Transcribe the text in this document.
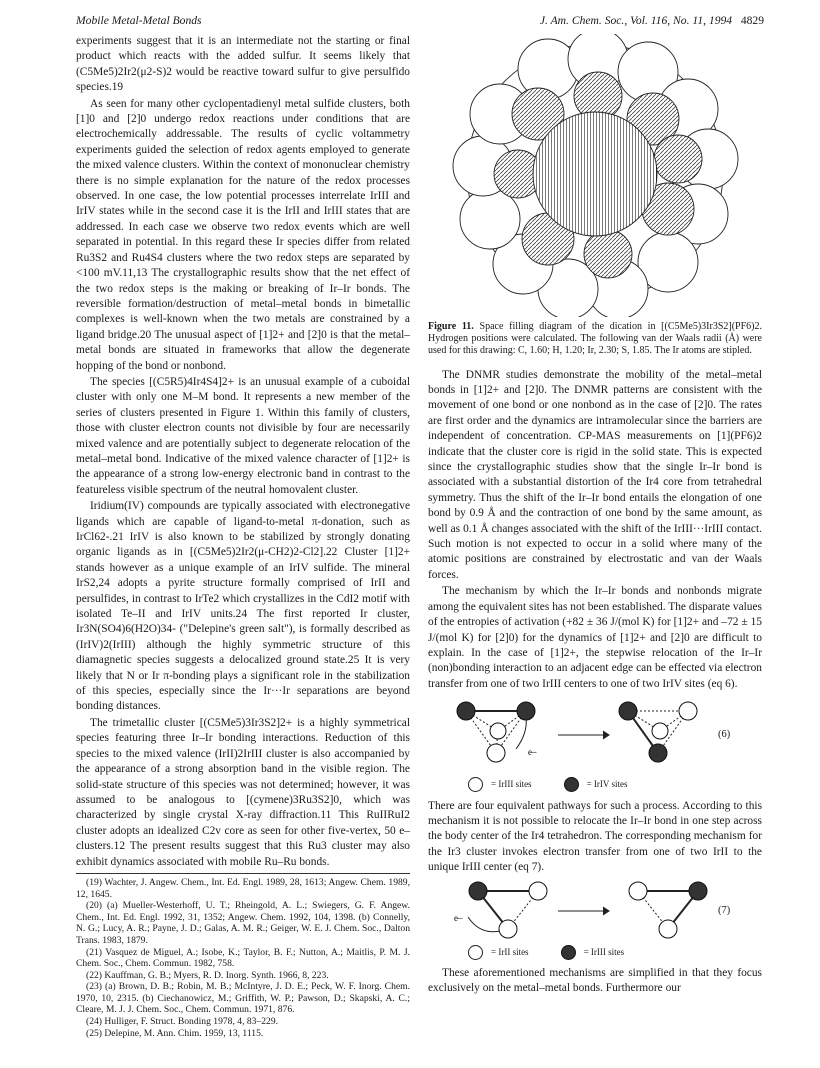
Mobile Metal-Metal Bonds	J. Am. Chem. Soc., Vol. 116, No. 11, 1994 4829

experiments suggest that it is an intermediate not the starting or final product which reacts with the added sulfur. It seems likely that (C5Me5)2Ir2(μ2-S)2 would be reactive toward sulfur to give persulfido species.19

As seen for many other cyclopentadienyl metal sulfide clusters, both [1]0 and [2]0 undergo redox reactions under conditions that are electrochemically addressable. The results of cyclic voltammetry experiments guided the selection of redox agents employed to generate the mixed valence clusters. Within the context of mononuclear chemistry there is no simple explanation for the nature of the redox processes observed. In one case, the low potential processes interrelate IrIII and IrIV states while in the second case it is the IrII and IrIII states that are addressed. In each case we observe two redox events which are well separated in potential. In this regard these Ir species differ from related Ru3S2 and Ru4S4 clusters where the two redox steps are separated by <100 mV.11,13 The crystallographic results show that the net effect of the two redox steps is the making or breaking of Ir–Ir bonds. The reversible formation/destruction of metal–metal bonds in bimetallic complexes is well-known when the two metals are constrained by a ligand bridge.20 The unusual aspect of [1]2+ and [2]0 is that the metal–metal bonds are situated in frameworks that allow the degenerate hopping of the bond or nonbond.

The species [(C5R5)4Ir4S4]2+ is an unusual example of a cuboidal cluster with only one M–M bond. It represents a new member of the series of clusters presented in Figure 1. Within this family of clusters, those with cluster electron counts not divisible by four are necessarily mixed valence and are potentially subject to degenerate relocation of the metal–metal bond. Indicative of the mixed valence character of [1]2+ is the appearance of a strong low-energy electronic band in contrast to the featureless visible spectrum of the neutral homovalent cluster.

Iridium(IV) compounds are typically associated with electronegative ligands which are capable of ligand-to-metal π-donation, such as IrCl62-.21 IrIV is also known to be stabilized by strongly donating organic ligands as in [(C5Me5)2Ir2(μ-CH2)2-Cl2].22 Cluster [1]2+ stands however as a unique example of an IrIV sulfide. The mineral IrS2,24 adopts a pyrite structure formally comprised of IrII and persulfides, in contrast to IrTe2 which crystallizes in the CdI2 motif with isolated Te–II and IrIV units.24 The first reported Ir cluster, Ir3N(SO4)6(H2O)34- ("Delepine's green salt"), is formally described as (IrIV)2(IrIII) although the highly symmetric structure of this diamagnetic species suggests a delocalized ground state.25 It is very likely that N or Ir π-bonding plays a significant role in the stabilization of this species, especially since the Ir···Ir separations are beyond bonding distances.

The trimetallic cluster [(C5Me5)3Ir3S2]2+ is a highly symmetrical species featuring three Ir–Ir bonding interactions. Reduction of this species to the mixed valence (IrII)2IrIII cluster is also accompanied by the appearance of a strong absorption band in the visible region. The solid-state structure of this species was not determined; however, it was assumed to be analogous to [(cymene)3Ru3S2]0, which was characterized by single crystal X-ray diffraction.11 This RuIIRuI2 cluster adopts an idealized C2v core as seen for other five-vertex, 50 e– clusters.12 The present results suggest that this Ru3 cluster may also exhibit dynamics associated with mobile Ru–Ru bonds.

(19) Wachter, J. Angew. Chem., Int. Ed. Engl. 1989, 28, 1613; Angew. Chem. 1989, 12, 1645.

(20) (a) Mueller-Westerhoff, U. T.; Rheingold, A. L.; Swiegers, G. F. Angew. Chem., Int. Ed. Engl. 1992, 31, 1352; Angew. Chem. 1992, 104, 1398. (b) Connelly, N. G.; Lucy, A. R.; Payne, J. D.; Galas, A. M. R.; Geiger, W. E. J. Chem. Soc., Dalton Trans. 1983, 1879.

(21) Vasquez de Miguel, A.; Isobe, K.; Taylor, B. F.; Nutton, A.; Maitlis, P. M. J. Chem. Soc., Chem. Commun. 1982, 758.

(22) Kauffman, G. B.; Myers, R. D. Inorg. Synth. 1966, 8, 223.

(23) (a) Brown, D. B.; Robin, M. B.; McIntyre, J. D. E.; Peck, W. F. Inorg. Chem. 1970, 10, 2315. (b) Ciechanowicz, M.; Griffith, W. P.; Pawson, D.; Skapski, A. C.; Cleare, M. J. J. Chem. Soc., Chem. Commun. 1971, 876.

(24) Hulliger, F. Struct. Bonding 1978, 4, 83–229.

(25) Delepine, M. Ann. Chim. 1959, 13, 1115.

Figure 11. Space filling diagram of the dication in [(C5Me5)3Ir3S2](PF6)2. Hydrogen positions were calculated. The following van der Waals radii (Å) were used for this drawing: C, 1.60; H, 1.20; Ir, 2.30; S, 1.85. The Ir atoms are stipled.

The DNMR studies demonstrate the mobility of the metal–metal bonds in [1]2+ and [2]0. The DNMR patterns are consistent with the movement of one bond or one nonbond as in the case of [2]0. The rates are first order and the dynamics are intramolecular since the barriers are independent of concentration. CP-MAS measurements on [1](PF6)2 indicate that the cluster core is rigid in the solid state. This is expected since the crystallographic studies show that the single Ir–Ir bond is associated with a substantial distortion of the Ir4 core from tetrahedral symmetry. Thus the shift of the Ir–Ir bond entails the elongation of one bond by 0.9 Å and the contraction of one bond by the same amount, as well as 0.1 Å changes associated with the shift of the IrIII···IrIII contact. Such motion is not expected to occur in a solid where many of the atomic positions are constrained by electrostatic and van der Waals forces.

The mechanism by which the Ir–Ir bonds and nonbonds migrate among the equivalent sites has not been established. The disparate values of the entropies of activation (+82 ± 36 J/(mol K) for [1]2+ and –72 ± 15 J/(mol K) for [2]0) for the dynamics of [1]2+ and [2]0 are difficult to explain. In the case of [1]2+, the stepwise relocation of the Ir–Ir (non)bonding interaction to an adjacent edge can be effected via electron transfer from one of two IrIII centers to one of two IrIV sites (eq 6).

e–
(6)
= IrIII sites	= IrIV sites

There are four equivalent pathways for such a process. According to this mechanism it is not possible to relocate the Ir–Ir bond in one step across the body center of the Ir4 tetrahedron. The corresponding mechanism for the Ir3 cluster invokes electron transfer from one of two IrII to the unique IrIII center (eq 7).

e–
(7)
= IrII sites	= IrIII sites

These aforementioned mechanisms are simplified in that they focus exclusively on the metal–metal bonds. Furthermore our
